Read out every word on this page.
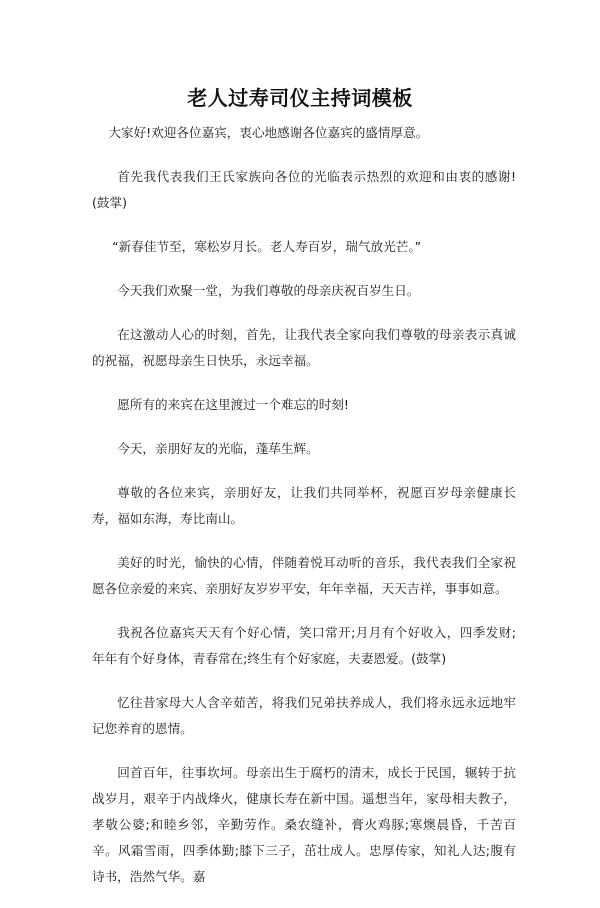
老人过寿司仪主持词模板

大家好!欢迎各位嘉宾，衷心地感谢各位嘉宾的盛情厚意。

首先我代表我们王氏家族向各位的光临表示热烈的欢迎和由衷的感谢!(鼓掌)

“新春佳节至，寒松岁月长。老人寿百岁，瑞气放光芒。”

今天我们欢聚一堂，为我们尊敬的母亲庆祝百岁生日。

在这激动人心的时刻，首先，让我代表全家向我们尊敬的母亲表示真诚的祝福，祝愿母亲生日快乐，永远幸福。

愿所有的来宾在这里渡过一个难忘的时刻!

今天，亲朋好友的光临，蓬荜生辉。

尊敬的各位来宾，亲朋好友，让我们共同举杯，祝愿百岁母亲健康长寿，福如东海，寿比南山。

美好的时光，愉快的心情，伴随着悦耳动听的音乐，我代表我们全家祝愿各位亲爱的来宾、亲朋好友岁岁平安，年年幸福，天天吉祥，事事如意。

我祝各位嘉宾天天有个好心情，笑口常开;月月有个好收入，四季发财;年年有个好身体，青春常在;终生有个好家庭，夫妻恩爱。(鼓掌)

忆往昔家母大人含辛茹苦，将我们兄弟扶养成人，我们将永远永远地牢记您养育的恩情。

回首百年，往事坎坷。母亲出生于腐朽的清末，成长于民国，辗转于抗战岁月，艰辛于内战烽火，健康长寿在新中国。遥想当年，家母相夫教子，孝敬公婆;和睦乡邻，辛勤劳作。桑农缝补，膏火鸡豚;寒燠晨昏，千苦百辛。风霜雪雨，四季体勤;膝下三子，茁壮成人。忠厚传家，知礼人达;腹有诗书，浩然气华。嘉
